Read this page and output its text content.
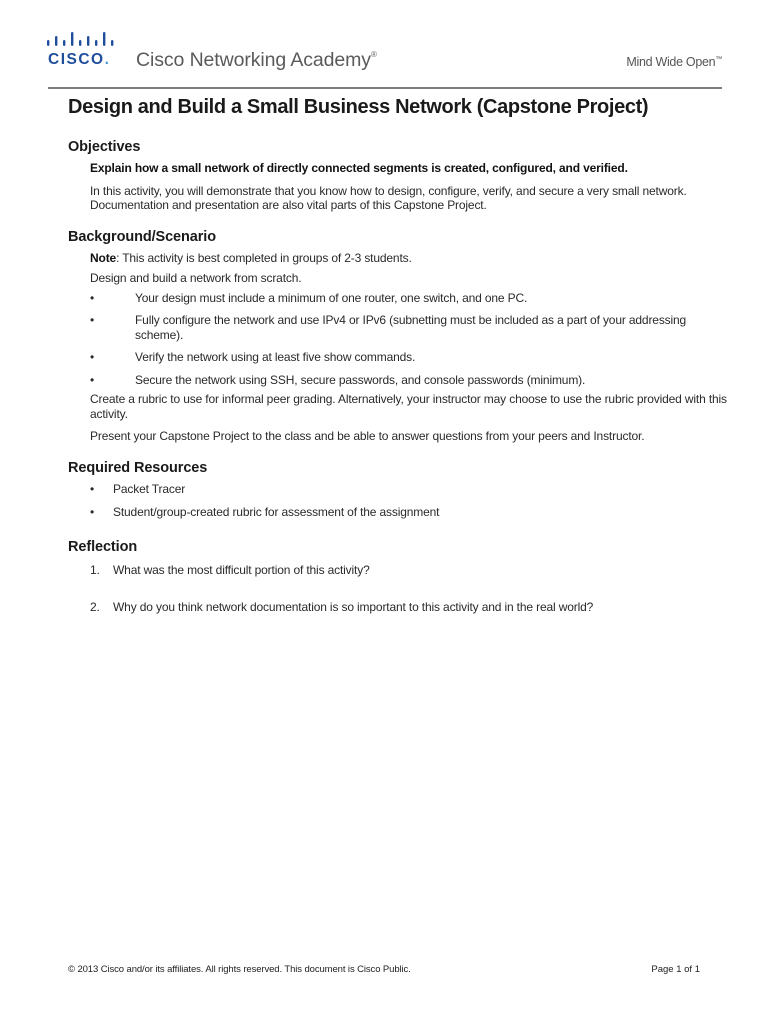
CISCO. Cisco Networking Academy®
Mind Wide Open™
Design and Build a Small Business Network (Capstone Project)
Objectives

Explain how a small network of directly connected segments is created, configured, and verified.

In this activity, you will demonstrate that you know how to design, configure, verify, and secure a very small network. Documentation and presentation are also vital parts of this Capstone Project.

Background/Scenario

Note: This activity is best completed in groups of 2-3 students.

Design and build a network from scratch.

•	Your design must include a minimum of one router, one switch, and one PC.
•	Fully configure the network and use IPv4 or IPv6 (subnetting must be included as a part of your addressing scheme).
•	Verify the network using at least five show commands.
•	Secure the network using SSH, secure passwords, and console passwords (minimum).

Create a rubric to use for informal peer grading. Alternatively, your instructor may choose to use the rubric provided with this activity.

Present your Capstone Project to the class and be able to answer questions from your peers and Instructor.

Required Resources
• Packet Tracer
• Student/group-created rubric for assessment of the assignment
Reflection
1. What was the most difficult portion of this activity?
2. Why do you think network documentation is so important to this activity and in the real world?
© 2013 Cisco and/or its affiliates. All rights reserved. This document is Cisco Public.	Page 1 of 1
